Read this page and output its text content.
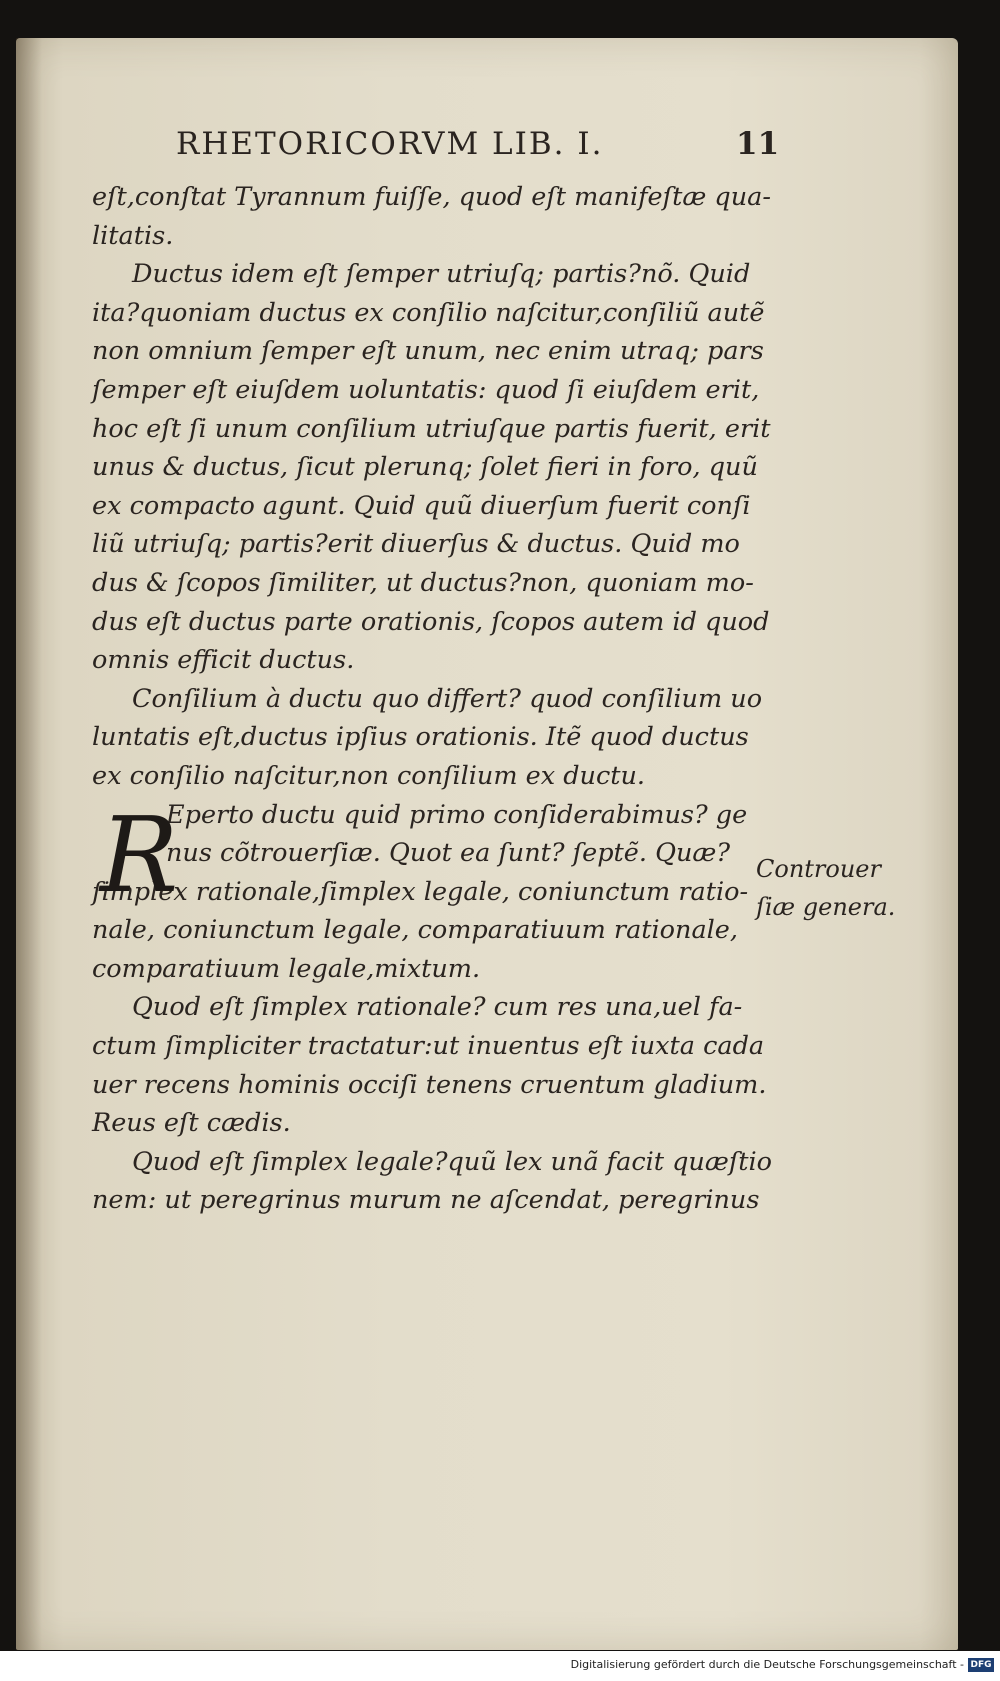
RHETORICORVM LIB. I.	11
eſt,conſtat Tyrannum fuiſſe, quod eſt manifeſtæ qua-
litatis.
Ductus idem eſt ſemper utriuſq; partis?nõ. Quid
ita?quoniam ductus ex conſilio naſcitur,conſiliũ autẽ
non omnium ſemper eſt unum, nec enim utraq; pars
ſemper eſt eiuſdem uoluntatis: quod ſi eiuſdem erit,
hoc eſt ſi unum conſilium utriuſque partis fuerit, erit
unus & ductus, ſicut plerunq; ſolet fieri in foro, quũ
ex compacto agunt. Quid quũ diuerſum fuerit conſi
liũ utriuſq; partis?erit diuerſus & ductus. Quid mo
dus & ſcopos ſimiliter, ut ductus?non, quoniam mo-
dus eſt ductus parte orationis, ſcopos autem id quod
omnis efficit ductus.
Conſilium à ductu quo differt? quod conſilium uo
luntatis eſt,ductus ipſius orationis. Itẽ quod ductus
ex conſilio naſcitur,non conſilium ex ductu.
Eperto ductu quid primo conſiderabimus? ge
nus cõtrouerſiæ. Quot ea ſunt? ſeptẽ. Quæ?
ſimplex rationale,ſimplex legale, coniunctum ratio-
nale, coniunctum legale, comparatiuum rationale,
comparatiuum legale,mixtum.
Quod eſt ſimplex rationale? cum res una,uel fa-
ctum ſimpliciter tractatur:ut inuentus eſt iuxta cada
uer recens hominis occiſi tenens cruentum gladium.
Reus eſt cædis.
Quod eſt ſimplex legale?quũ lex unã facit quæſtio
nem: ut peregrinus murum ne aſcendat, peregrinus
R	Controuer
ſiæ genera.
Digitalisierung gefördert durch die Deutsche Forschungsgemeinschaft - DFG
